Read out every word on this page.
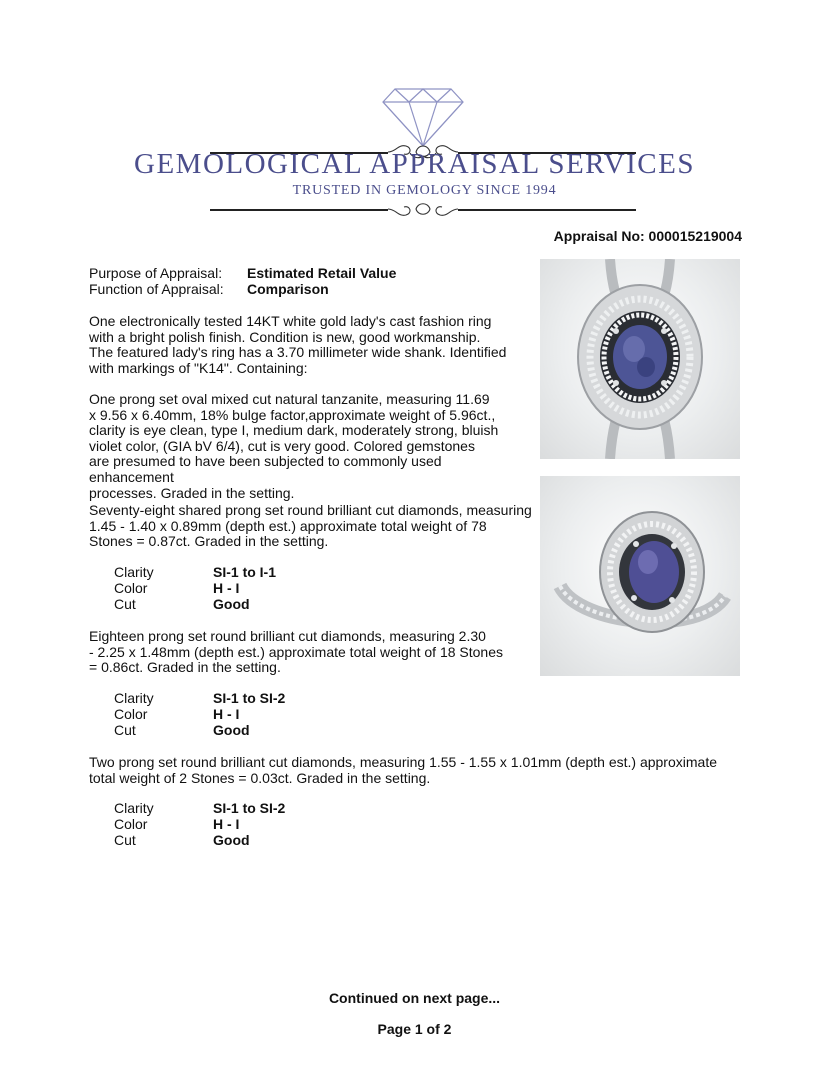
GEMOLOGICAL APPRAISAL SERVICES
TRUSTED IN GEMOLOGY SINCE 1994
Appraisal No: 000015219004
Purpose of Appraisal: Estimated Retail Value
Function of Appraisal: Comparison
One electronically tested 14KT white gold lady's cast fashion ring
with a bright polish finish. Condition is new, good workmanship.
The featured lady's ring has a 3.70 millimeter wide shank. Identified
with markings of "K14". Containing:
One prong set oval mixed cut natural tanzanite, measuring 11.69
x 9.56 x 6.40mm, 18% bulge factor,approximate weight of 5.96ct.,
clarity is eye clean, type I, medium dark, moderately strong, bluish
violet color, (GIA bV 6/4), cut is very good. Colored gemstones
are presumed to have been subjected to commonly used enhancement
processes. Graded in the setting.
Seventy-eight shared prong set round brilliant cut diamonds, measuring
1.45 - 1.40 x 0.89mm (depth est.) approximate total weight of 78
Stones = 0.87ct. Graded in the setting.
Clarity	SI-1 to I-1
Color	H - I
Cut	Good
Eighteen prong set round brilliant cut diamonds, measuring 2.30
- 2.25 x 1.48mm (depth est.) approximate total weight of 18 Stones
= 0.86ct. Graded in the setting.
Clarity	SI-1 to SI-2
Color	H - I
Cut	Good
Two prong set round brilliant cut diamonds, measuring 1.55 - 1.55 x 1.01mm (depth est.) approximate
total weight of 2 Stones = 0.03ct. Graded in the setting.
Clarity	SI-1 to SI-2
Color	H - I
Cut	Good
Continued on next page...
Page 1 of 2
